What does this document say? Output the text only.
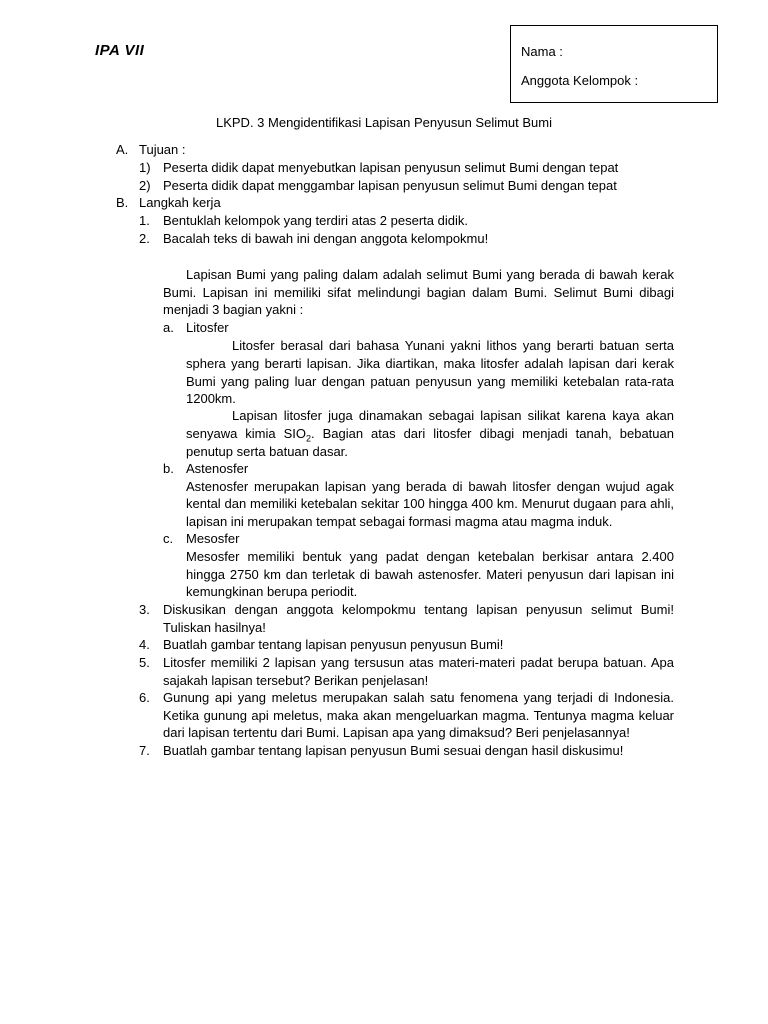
IPA VII	Nama :
Anggota Kelompok :
LKPD. 3 Mengidentifikasi Lapisan Penyusun Selimut Bumi
A. Tujuan :
1) Peserta didik dapat menyebutkan lapisan penyusun selimut Bumi dengan tepat
2) Peserta didik dapat menggambar lapisan penyusun selimut Bumi dengan tepat
B. Langkah kerja
1. Bentuklah kelompok yang terdiri atas 2 peserta didik.
2. Bacalah teks di bawah ini dengan anggota kelompokmu!
Lapisan Bumi yang paling dalam adalah selimut Bumi yang berada di bawah kerak
Bumi. Lapisan ini memiliki sifat melindungi bagian dalam Bumi. Selimut Bumi dibagi
menjadi 3 bagian yakni :
a. Litosfer
Litosfer berasal dari bahasa Yunani yakni lithos yang berarti batuan serta
sphera yang berarti lapisan. Jika diartikan, maka litosfer adalah lapisan dari kerak
Bumi yang paling luar dengan patuan penyusun yang memiliki ketebalan rata-rata
1200km.
Lapisan litosfer juga dinamakan sebagai lapisan silikat karena kaya akan
senyawa kimia $SIO_2$. Bagian atas dari litosfer dibagi menjadi tanah, bebatuan
penutup serta batuan dasar.
b. Astenosfer
Astenosfer merupakan lapisan yang berada di bawah litosfer dengan wujud agak
kental dan memiliki ketebalan sekitar 100 hingga 400 km. Menurut dugaan para ahli,
lapisan ini merupakan tempat sebagai formasi magma atau magma induk.
c. Mesosfer
Mesosfer memiliki bentuk yang padat dengan ketebalan berkisar antara 2.400
hingga 2750 km dan terletak di bawah astenosfer. Materi penyusun dari lapisan ini
kemungkinan berupa periodit.
3. Diskusikan dengan anggota kelompokmu tentang lapisan penyusun selimut Bumi!
Tuliskan hasilnya!
4. Buatlah gambar tentang lapisan penyusun penyusun Bumi!
5. Litosfer memiliki 2 lapisan yang tersusun atas materi-materi padat berupa batuan. Apa
sajakah lapisan tersebut? Berikan penjelasan!
6. Gunung api yang meletus merupakan salah satu fenomena yang terjadi di Indonesia.
Ketika gunung api meletus, maka akan mengeluarkan magma. Tentunya magma keluar
dari lapisan tertentu dari Bumi. Lapisan apa yang dimaksud? Beri penjelasannya!
7. Buatlah gambar tentang lapisan penyusun Bumi sesuai dengan hasil diskusimu!
